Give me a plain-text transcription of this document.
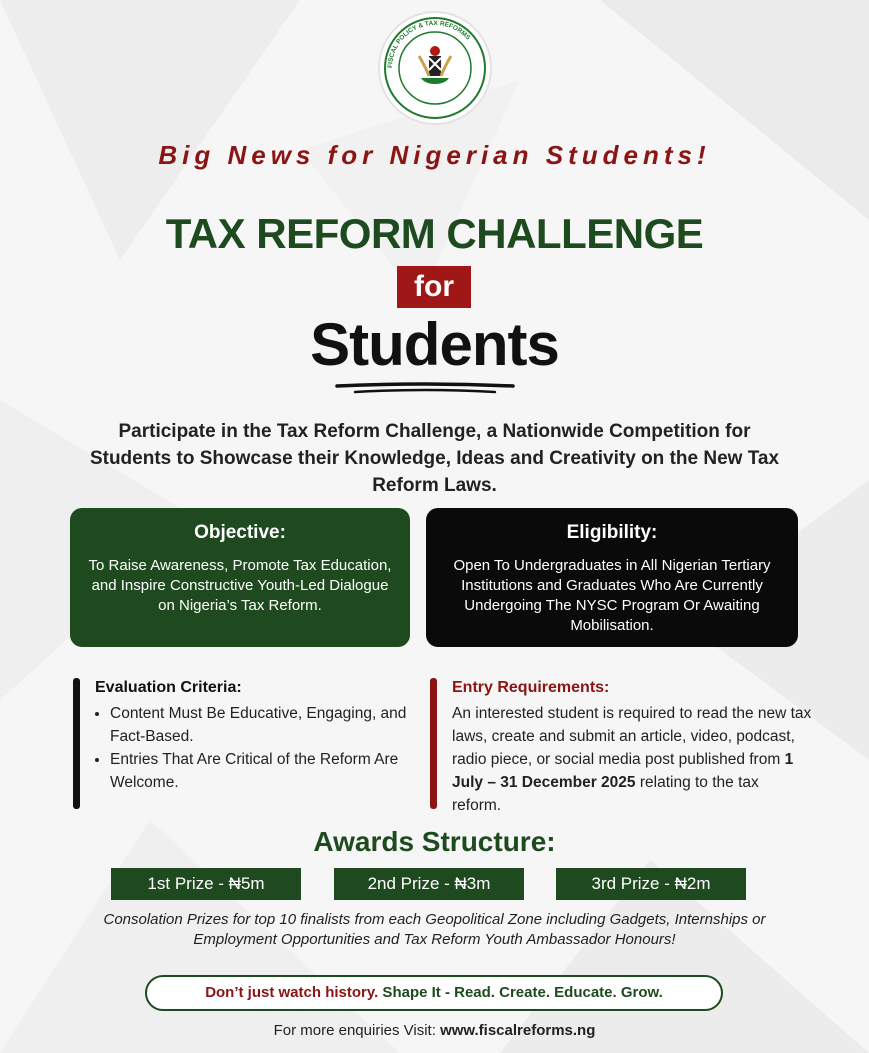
FISCAL POLICY & TAX REFORMS
Big News for Nigerian Students!
TAX REFORM CHALLENGE
for
Students
Participate in the Tax Reform Challenge, a Nationwide Competition for Students to Showcase their Knowledge, Ideas and Creativity on the New Tax Reform Laws.
Objective:
To Raise Awareness, Promote Tax Education, and Inspire Constructive Youth-Led Dialogue on Nigeria’s Tax Reform.
Eligibility:
Open To Undergraduates in All Nigerian Tertiary Institutions and Graduates Who Are Currently Undergoing The NYSC Program Or Awaiting Mobilisation.
Evaluation Criteria:
• Content Must Be Educative, Engaging, and Fact-Based.
• Entries That Are Critical of the Reform Are Welcome.
Entry Requirements:
An interested student is required to read the new tax laws, create and submit an article, video, podcast, radio piece, or social media post published from 1 July – 31 December 2025 relating to the tax reform.
Awards Structure:
1st Prize - ₦5m	2nd Prize - ₦3m	3rd Prize - ₦2m
Consolation Prizes for top 10 finalists from each Geopolitical Zone including Gadgets, Internships or Employment Opportunities and Tax Reform Youth Ambassador Honours!
Don’t just watch history. Shape It - Read. Create. Educate. Grow.
For more enquiries Visit: www.fiscalreforms.ng
